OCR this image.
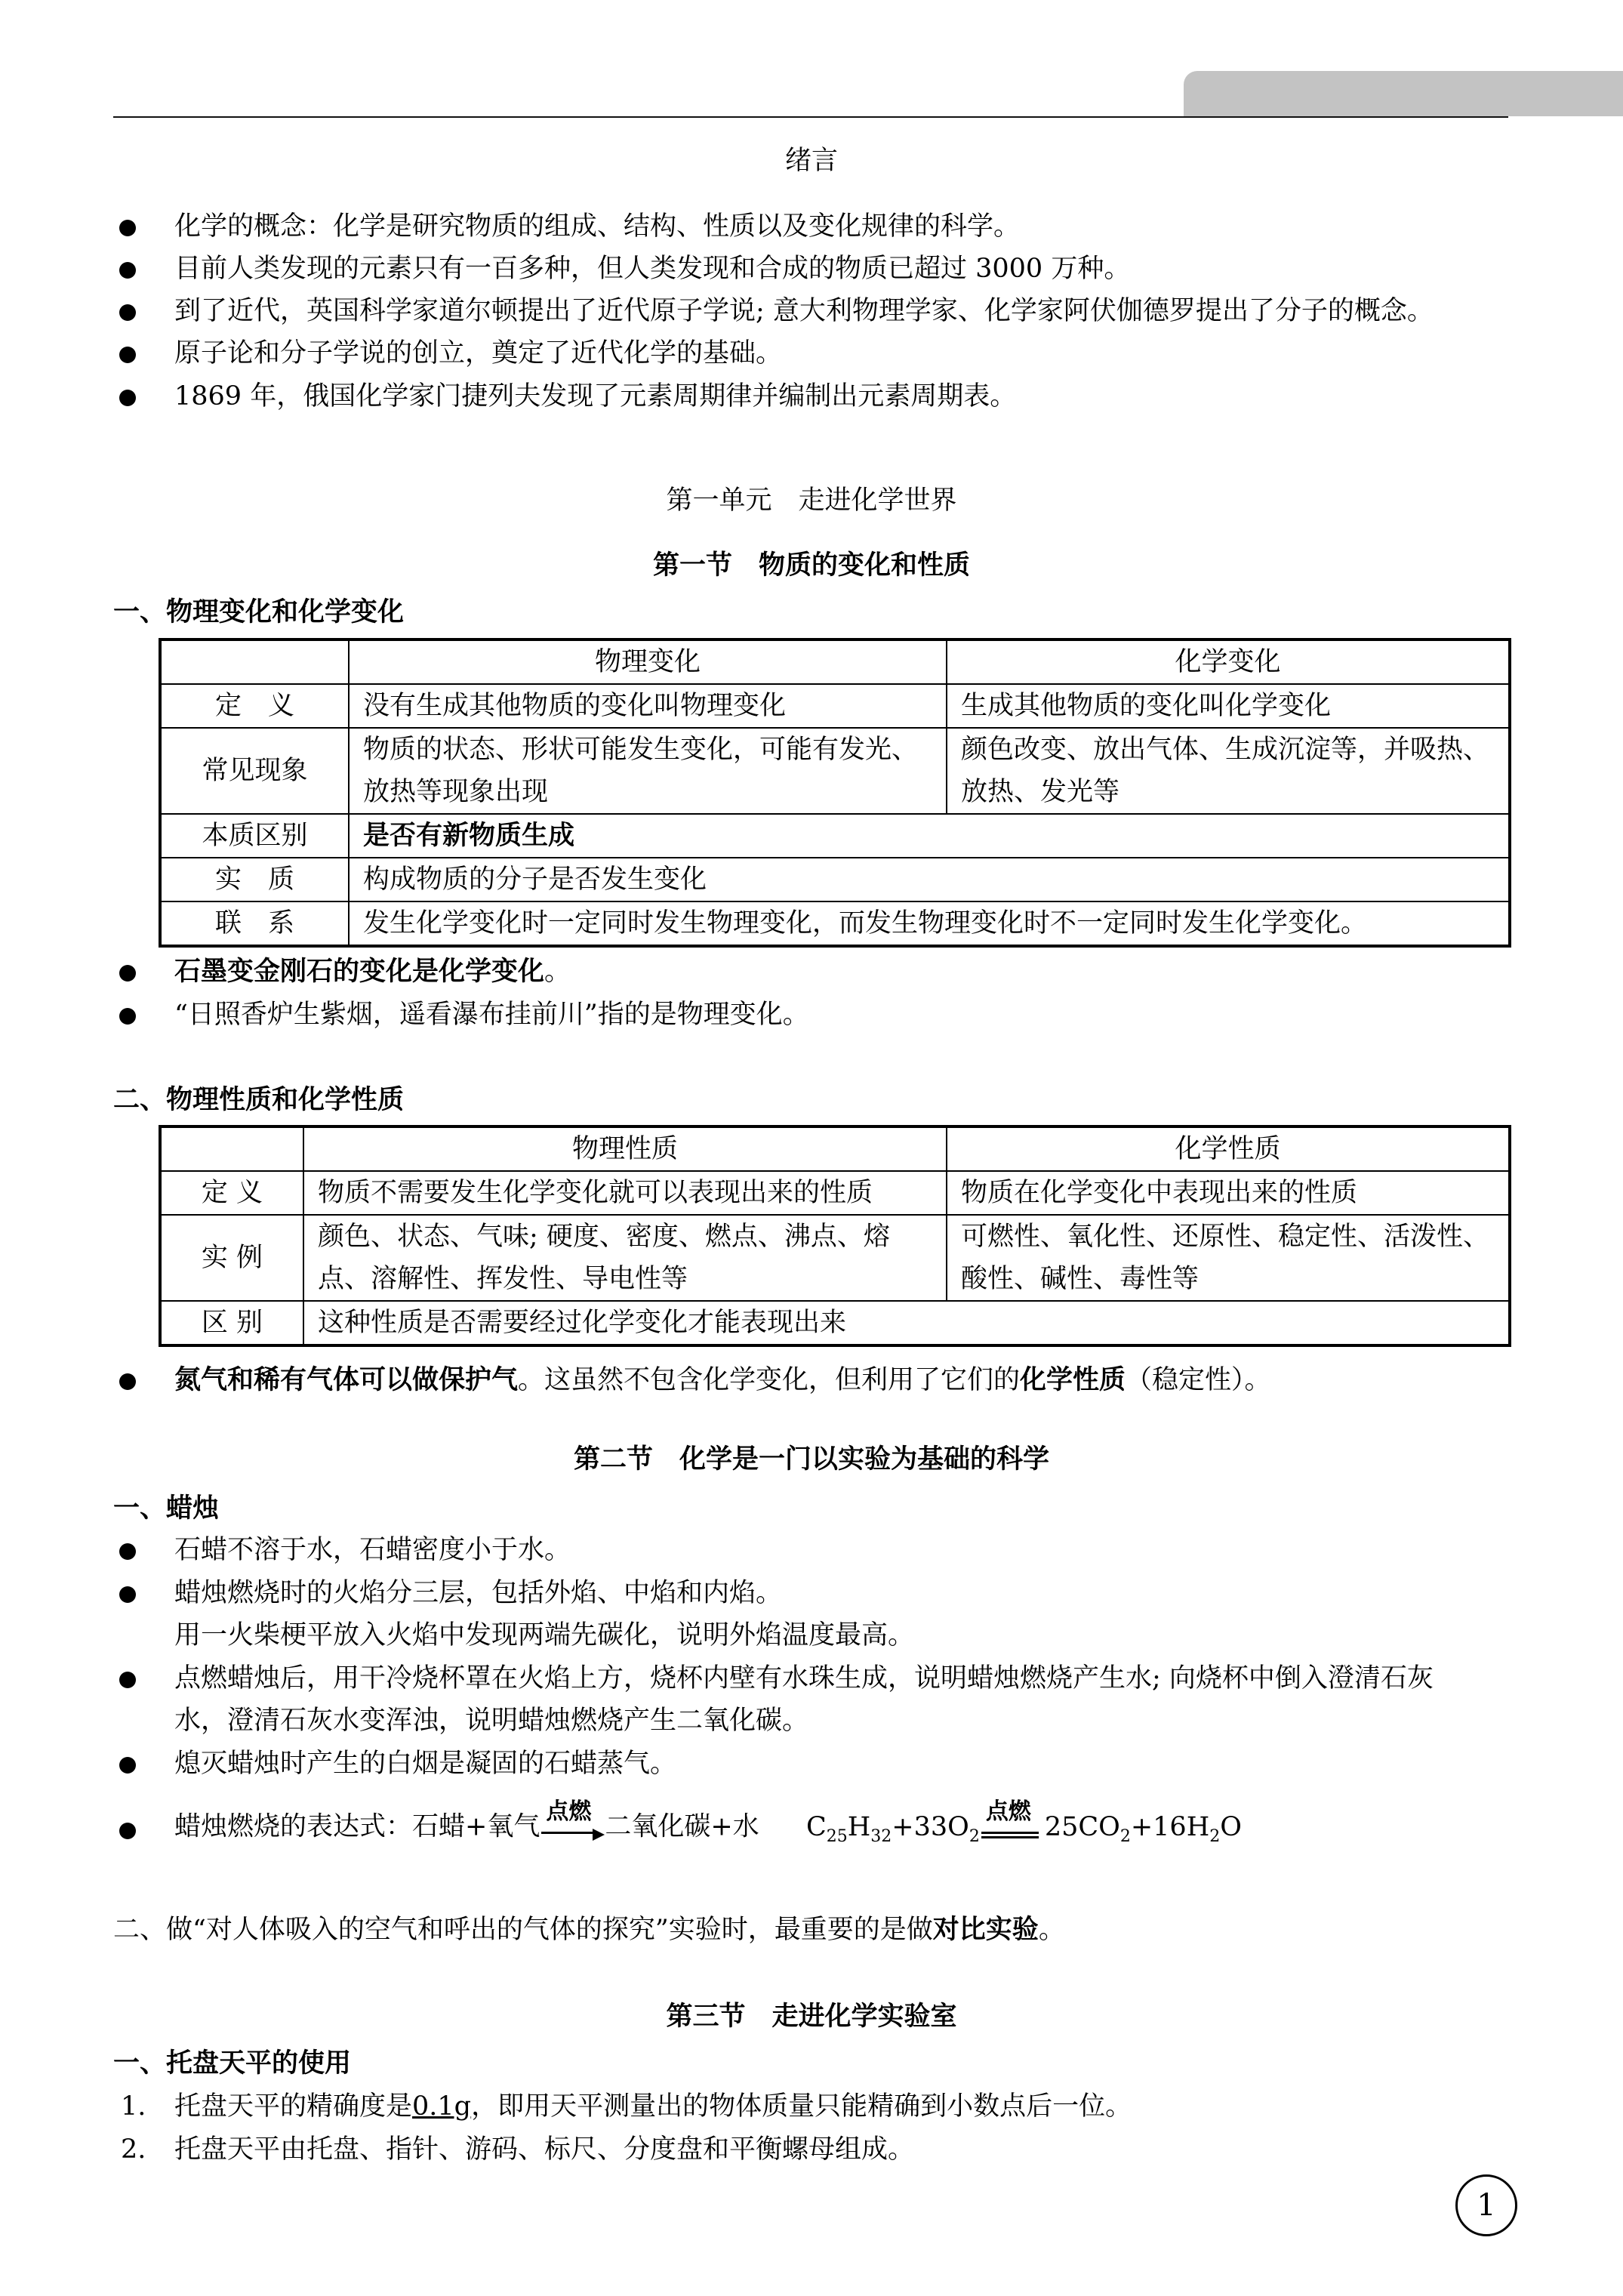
绪言
化学的概念：化学是研究物质的组成、结构、性质以及变化规律的科学。
目前人类发现的元素只有一百多种，但人类发现和合成的物质已超过 3000 万种。
到了近代，英国科学家道尔顿提出了近代原子学说; 意大利物理学家、化学家阿伏伽德罗提出了分子的概念。
原子论和分子学说的创立，奠定了近代化学的基础。
1869 年，俄国化学家门捷列夫发现了元素周期律并编制出元素周期表。
第一单元　走进化学世界
第一节　物质的变化和性质
一、物理变化和化学变化
	物理变化	化学变化
定　义	没有生成其他物质的变化叫物理变化	生成其他物质的变化叫化学变化
常见现象	物质的状态、形状可能发生变化，可能有发光、放热等现象出现	颜色改变、放出气体、生成沉淀等，并吸热、放热、发光等
本质区别	是否有新物质生成	
实　质	构成物质的分子是否发生变化	
联　系	发生化学变化时一定同时发生物理变化，而发生物理变化时不一定同时发生化学变化。	
石墨变金刚石的变化是化学变化。
“日照香炉生紫烟，遥看瀑布挂前川”指的是物理变化。
二、物理性质和化学性质
	物理性质	化学性质
定 义	物质不需要发生化学变化就可以表现出来的性质	物质在化学变化中表现出来的性质
实 例	颜色、状态、气味; 硬度、密度、燃点、沸点、熔点、溶解性、挥发性、导电性等	可燃性、氧化性、还原性、稳定性、活泼性、酸性、碱性、毒性等
区 别	这种性质是否需要经过化学变化才能表现出来	
氮气和稀有气体可以做保护气。这虽然不包含化学变化，但利用了它们的化学性质（稳定性）。
第二节　化学是一门以实验为基础的科学
一、蜡烛
石蜡不溶于水，石蜡密度小于水。
蜡烛燃烧时的火焰分三层，包括外焰、中焰和内焰。
用一火柴梗平放入火焰中发现两端先碳化，说明外焰温度最高。
点燃蜡烛后，用干冷烧杯罩在火焰上方，烧杯内壁有水珠生成，说明蜡烛燃烧产生水; 向烧杯中倒入澄清石灰
水，澄清石灰水变浑浊，说明蜡烛燃烧产生二氧化碳。
熄灭蜡烛时产生的白烟是凝固的石蜡蒸气。
蜡烛燃烧的表达式：石蜡+氧气 点燃 二氧化碳+水 $C_{25}H_{32}+33O_2$
点燃 $25CO_2+16H_2O$
二、做“对人体吸入的空气和呼出的气体的探究”实验时，最重要的是做对比实验。
第三节　走进化学实验室
一、托盘天平的使用
1. 托盘天平的精确度是0.1g，即用天平测量出的物体质量只能精确到小数点后一位。
2. 托盘天平由托盘、指针、游码、标尺、分度盘和平衡螺母组成。
1
